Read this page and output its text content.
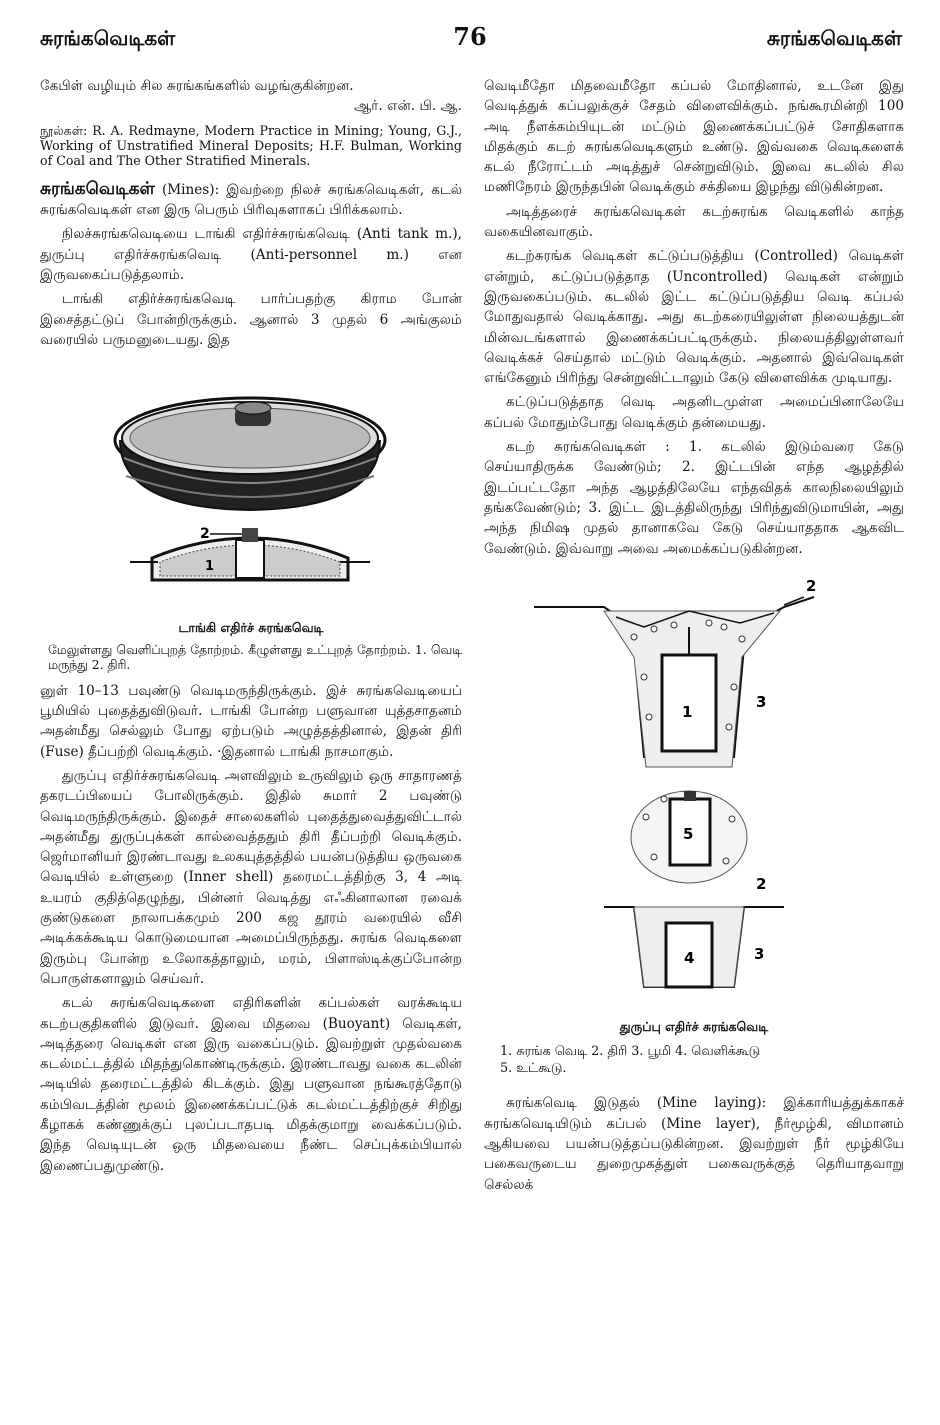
சுரங்கவெடிகள்	76	சுரங்கவெடிகள்

கேபிள் வழியும் சில சுரங்கங்களில் வழங்குகின்றன.
ஆர். என். பி. ஆ.

நூல்கள்: R. A. Redmayne, Modern Practice in Mining; Young, G.J., Working of Unstratified Mineral Deposits; H.F. Bulman, Working of Coal and The Other Stratified Minerals.

சுரங்கவெடிகள் (Mines): இவற்றை நிலச் சுரங்கவெடிகள், கடல் சுரங்கவெடிகள் என இரு பெரும் பிரிவுகளாகப் பிரிக்கலாம்.

நிலச்சுரங்கவெடியை டாங்கி எதிர்ச்சுரங்கவெடி (Anti tank m.), துருப்பு எதிர்ச்சுரங்கவெடி (Anti-personnel m.) என இருவகைப்படுத்தலாம்.

டாங்கி எதிர்ச்சுரங்கவெடி பார்ப்பதற்கு கிராம போன் இசைத்தட்டுப் போன்றிருக்கும். ஆனால் 3 முதல் 6 அங்குலம் வரையில் பருமனுடையது. இத

2
1

டாங்கி எதிர்ச் சுரங்கவெடி

மேலுள்ளது வெளிப்புறத் தோற்றம். கீழுள்ளது உட்புறத் தோற்றம். 1. வெடி மருந்து 2. திரி.

னுள் 10–13 பவுண்டு வெடிமருந்திருக்கும். இச் சுரங்கவெடியைப் பூமியில் புதைத்துவிடுவர். டாங்கி போன்ற பளுவான யுத்தசாதனம் அதன்மீது செல்லும் போது ஏற்படும் அழுத்தத்தினால், இதன் திரி (Fuse) தீப்பற்றி வெடிக்கும். ·இதனால் டாங்கி நாசமாகும்.

துருப்பு எதிர்ச்சுரங்கவெடி அளவிலும் உருவிலும் ஒரு சாதாரணத் தகரடப்பியைப் போலிருக்கும். இதில் சுமார் 2 பவுண்டு வெடிமருந்திருக்கும். இதைச் சாலைகளில் புதைத்துவைத்துவிட்டால் அதன்மீது துருப்புக்கள் கால்வைத்ததும் திரி தீப்பற்றி வெடிக்கும். ஜெர்மானியர் இரண்டாவது உலகயுத்தத்தில் பயன்படுத்திய ஒருவகை வெடியில் உள்ளுறை (Inner shell) தரைமட்டத்திற்கு 3, 4 அடி உயரம் குதித்தெழுந்து, பின்னர் வெடித்து எஃகினாலான ரவைக் குண்டுகளை நாலாபக்கமும் 200 கஜ தூரம் வரையில் வீசி அடிக்கக்கூடிய கொடுமையான அமைப்பிருந்தது. சுரங்க வெடிகளை இரும்பு போன்ற உலோகத்தாலும், மரம், பிளாஸ்டிக்குப்போன்ற பொருள்களாலும் செய்வர்.

கடல் சுரங்கவெடிகளை எதிரிகளின் கப்பல்கள் வரக்கூடிய கடற்பகுதிகளில் இடுவர். இவை மிதவை (Buoyant) வெடிகள், அடித்தரை வெடிகள் என இரு வகைப்படும். இவற்றுள் முதல்வகை கடல்மட்டத்தில் மிதந்துகொண்டிருக்கும். இரண்டாவது வகை கடலின் அடியில் தரைமட்டத்தில் கிடக்கும். இது பளுவான நங்கூரத்தோடு கம்பிவடத்தின் மூலம் இணைக்கப்பட்டுக் கடல்மட்டத்திற்குச் சிறிது கீழாகக் கண்ணுக்குப் புலப்படாதபடி மிதக்குமாறு வைக்கப்படும். இந்த வெடியுடன் ஒரு மிதவையை நீண்ட செப்புக்கம்பியால் இணைப்பதுமுண்டு.

வெடிமீதோ மிதவைமீதோ கப்பல் மோதினால், உடனே இது வெடித்துக் கப்பலுக்குச் சேதம் விளைவிக்கும். நங்கூரமின்றி 100 அடி நீளக்கம்பியுடன் மட்டும் இணைக்கப்பட்டுச் சோதிகளாக மிதக்கும் கடற் சுரங்கவெடிகளும் உண்டு. இவ்வகை வெடிகளைக் கடல் நீரோட்டம் அடித்துச் சென்றுவிடும். இவை கடலில் சில மணிநேரம் இருந்தபின் வெடிக்கும் சக்தியை இழந்து விடுகின்றன.

அடித்தரைச் சுரங்கவெடிகள் கடற்சுரங்க வெடிகளில் காந்த வகையினவாகும்.

கடற்சுரங்க வெடிகள் கட்டுப்படுத்திய (Controlled) வெடிகள் என்றும், கட்டுப்படுத்தாத (Uncontrolled) வெடிகள் என்றும் இருவகைப்படும். கடலில் இட்ட கட்டுப்படுத்திய வெடி கப்பல் மோதுவதால் வெடிக்காது. அது கடற்கரையிலுள்ள நிலையத்துடன் மின்வடங்களால் இணைக்கப்பட்டிருக்கும். நிலையத்திலுள்ளவர் வெடிக்கச் செய்தால் மட்டும் வெடிக்கும். அதனால் இவ்வெடிகள் எங்கேனும் பிரிந்து சென்றுவிட்டாலும் கேடு விளைவிக்க முடியாது.

கட்டுப்படுத்தாத வெடி அதனிடமுள்ள அமைப்பினாலேயே கப்பல் மோதும்போது வெடிக்கும் தன்மையது.

கடற் சுரங்கவெடிகள் : 1. கடலில் இடும்வரை கேடு செய்யாதிருக்க வேண்டும்; 2. இட்டபின் எந்த ஆழத்தில் இடப்பட்டதோ அந்த ஆழத்திலேயே எந்தவிதக் காலநிலையிலும் தங்கவேண்டும்; 3. இட்ட இடத்திலிருந்து பிரிந்துவிடுமாயின், அது அந்த நிமிஷ முதல் தானாகவே கேடு செய்யாததாக ஆகவிட வேண்டும். இவ்வாறு அவை அமைக்கப்படுகின்றன.

2
1
3
5
4
2
3

துருப்பு எதிர்ச் சுரங்கவெடி

1. சுரங்க வெடி 2. திரி 3. பூமி 4. வெளிக்கூடு
5. உட்கூடு.

சுரங்கவெடி இடுதல் (Mine laying): இக்காரியத்துக்காகச் சுரங்கவெடியிடும் கப்பல் (Mine layer), நீர்மூழ்கி, விமானம் ஆகியவை பயன்படுத்தப்படுகின்றன. இவற்றுள் நீர் மூழ்கியே பகைவருடைய துறைமுகத்துள் பகைவருக்குத் தெரியாதவாறு செல்லக்
